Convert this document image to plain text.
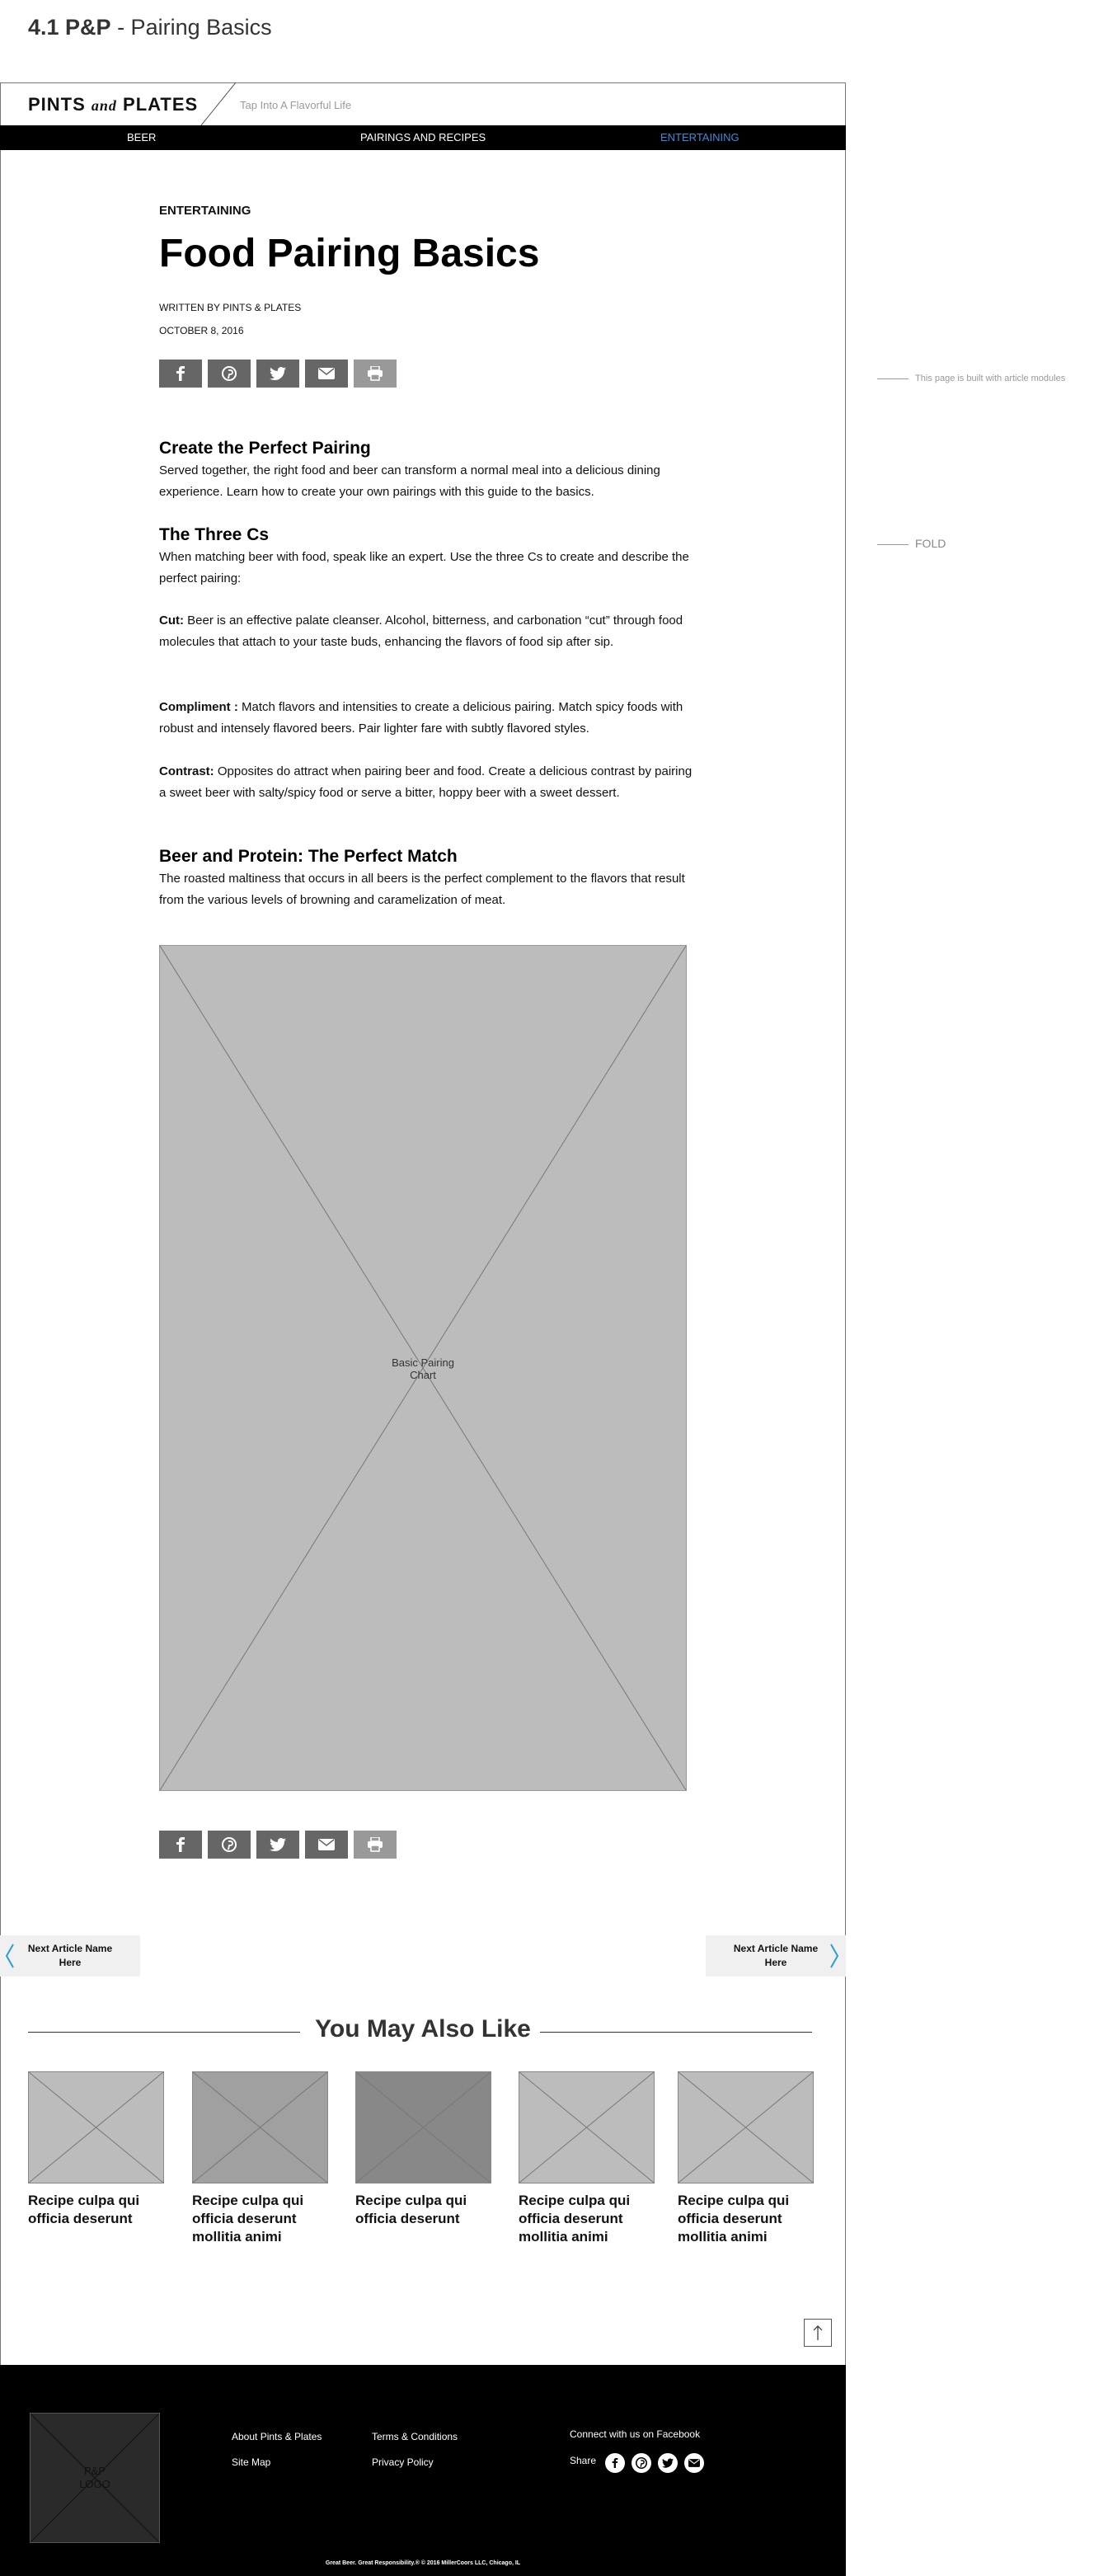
4.1 P&P - Pairing Basics
PINTS and PLATES	Tap Into A Flavorful Life
BEER	PAIRINGS AND RECIPES	ENTERTAINING
This page is built with article modules
FOLD
ENTERTAINING
Food Pairing Basics
WRITTEN BY PINTS & PLATES
OCTOBER 8, 2016
Create the Perfect Pairing
Served together, the right food and beer can transform a normal meal into a delicious dining experience. Learn how to create your own pairings with this guide to the basics.
The Three Cs
When matching beer with food, speak like an expert. Use the three Cs to create and describe the perfect pairing:
Cut: Beer is an effective palate cleanser. Alcohol, bitterness, and carbonation “cut” through food molecules that attach to your taste buds, enhancing the flavors of food sip after sip.
Compliment : Match flavors and intensities to create a delicious pairing. Match spicy foods with robust and intensely flavored beers. Pair lighter fare with subtly flavored styles.
Contrast: Opposites do attract when pairing beer and food. Create a delicious contrast by pairing a sweet beer with salty/spicy food or serve a bitter, hoppy beer with a sweet dessert.
Beer and Protein: The Perfect Match
The roasted maltiness that occurs in all beers is the perfect complement to the flavors that result from the various levels of browning and caramelization of meat.
Basic Pairing Chart
Next Article Name Here
Next Article Name Here
You May Also Like
Recipe culpa qui officia deserunt
Recipe culpa qui officia deserunt mollitia animi
Recipe culpa qui officia deserunt
Recipe culpa qui officia deserunt mollitia animi
Recipe culpa qui officia deserunt mollitia animi
P&P LOGO
About Pints & Plates
Site Map
Terms & Conditions
Privacy Policy
Connect with us on Facebook
Share
Great Beer. Great Responsibility.® © 2016 MillerCoors LLC, Chicago, IL
